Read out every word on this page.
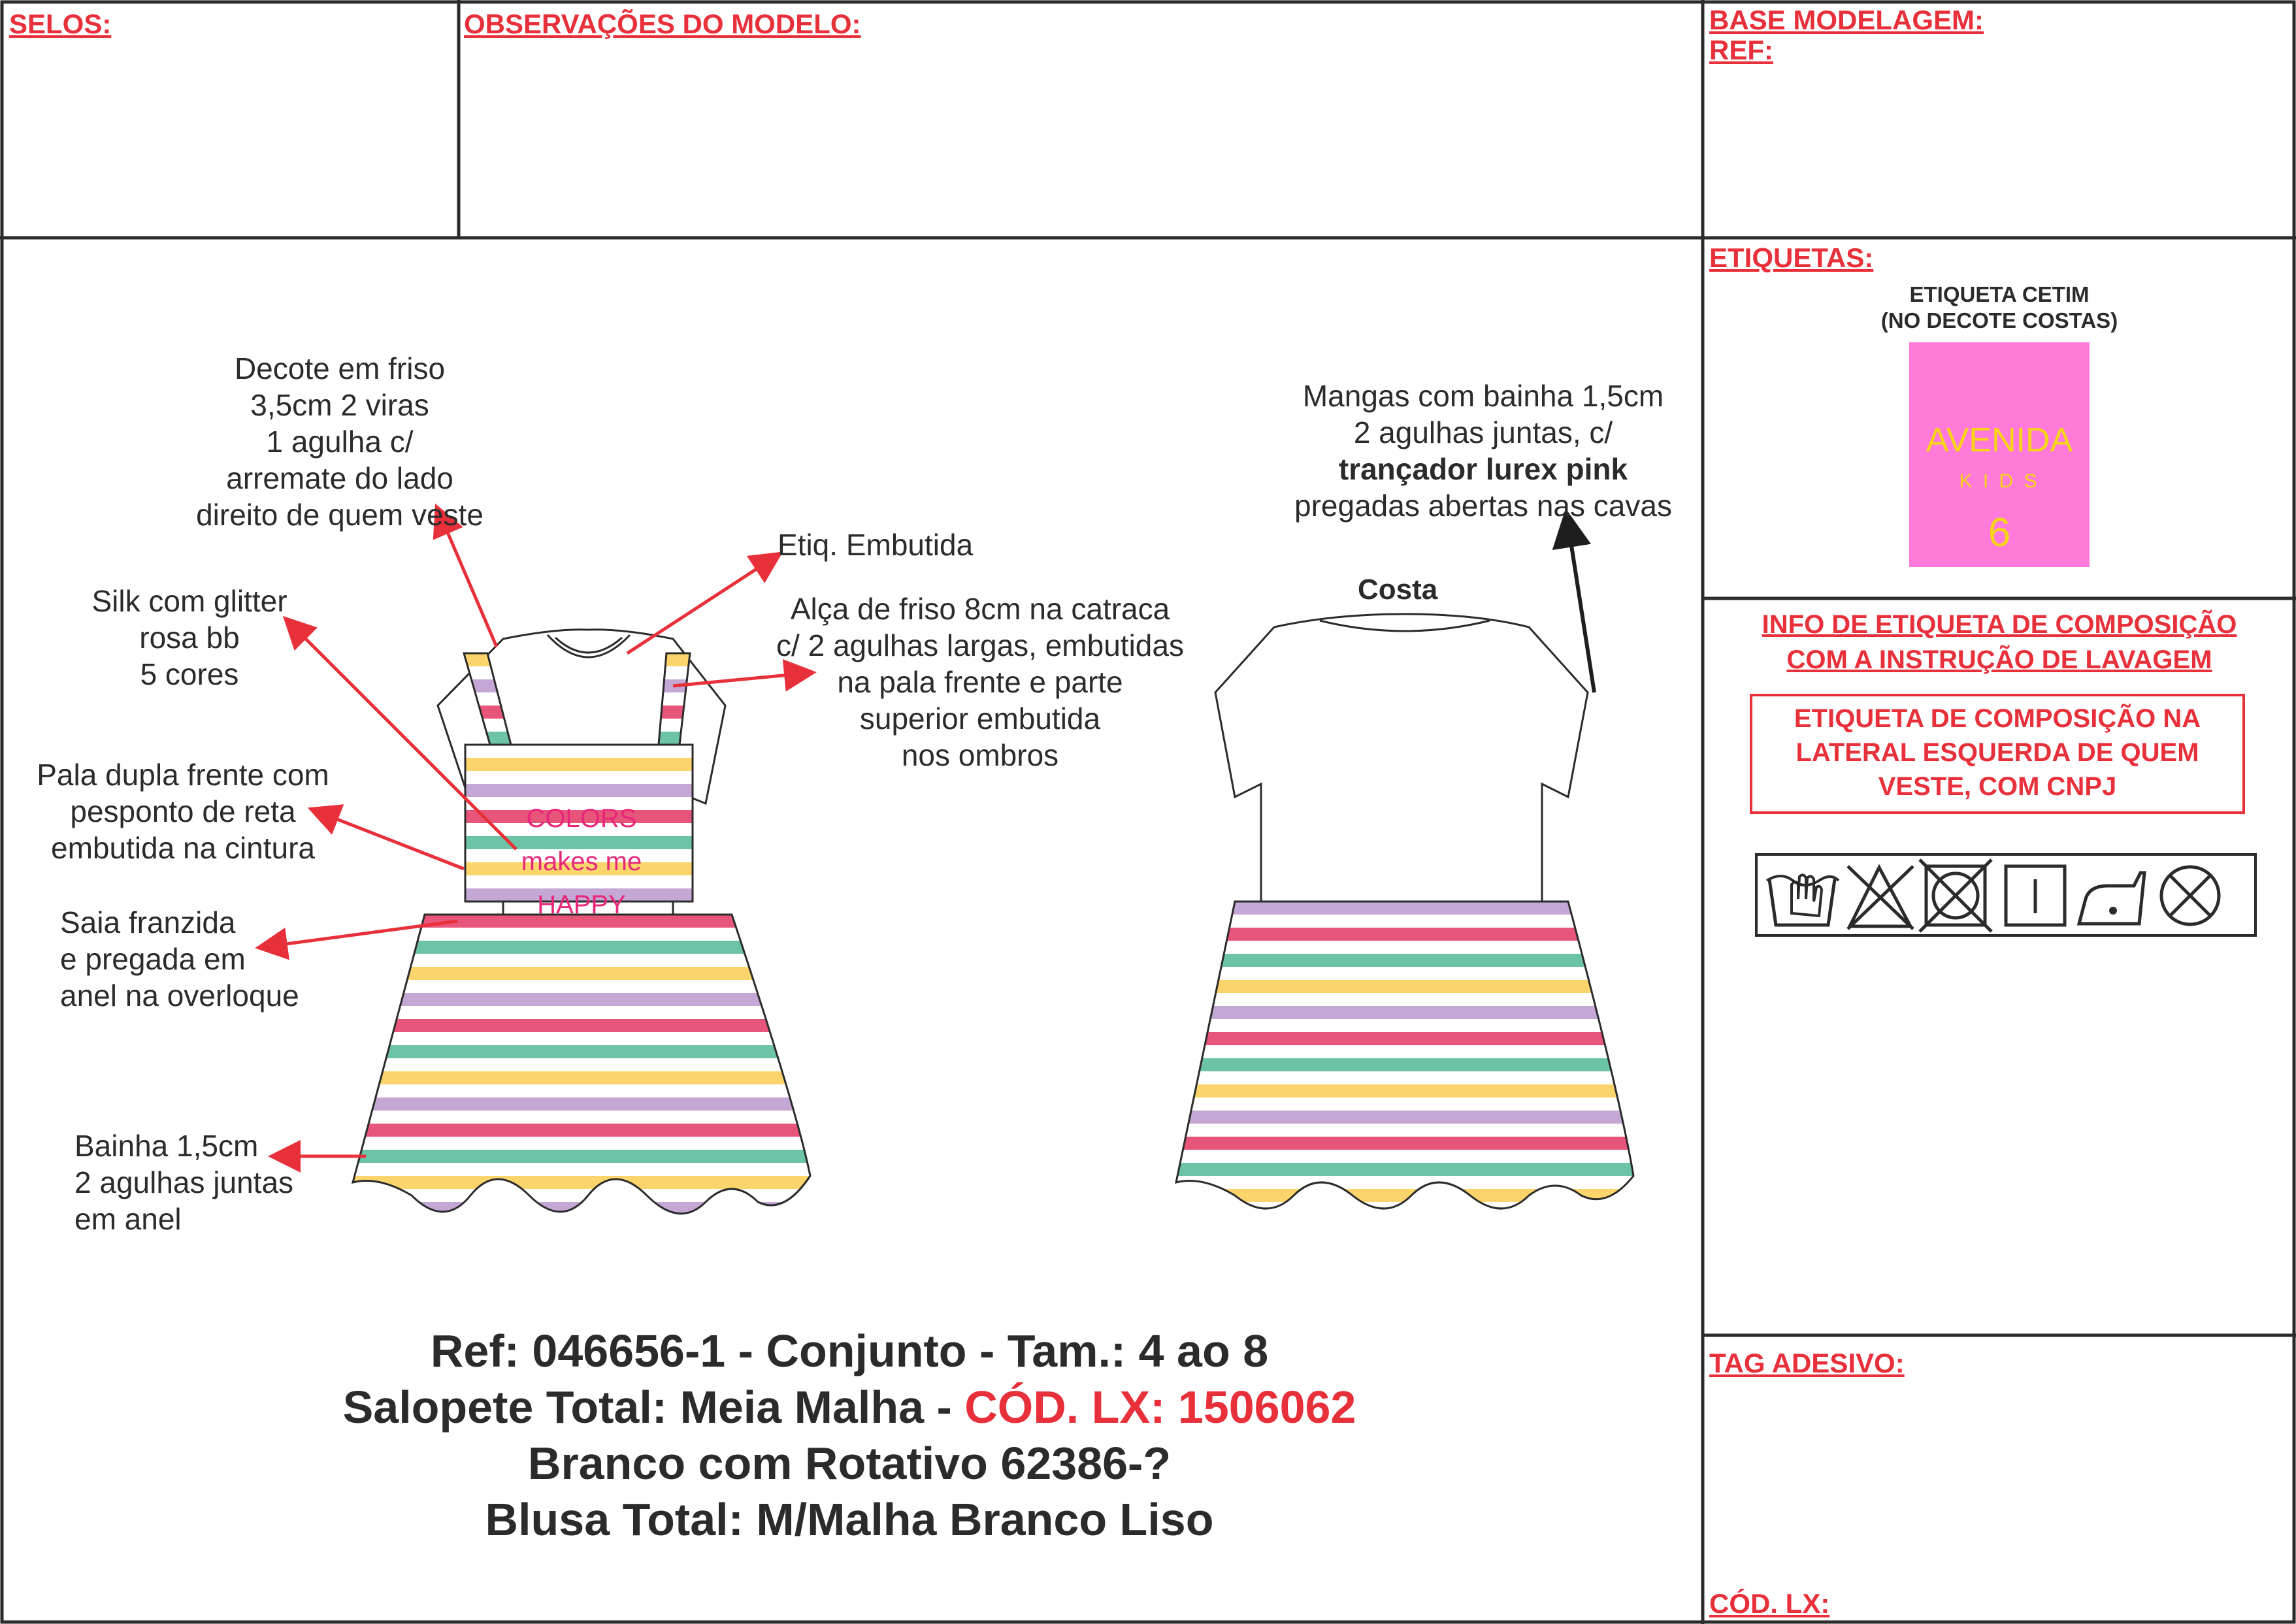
SELOS:	OBSERVAÇÕES DO MODELO:	BASE MODELAGEM:
REF:
ETIQUETAS:
TAG ADESIVO:
CÓD. LX:
ETIQUETA CETIM
(NO DECOTE COSTAS)
AVENIDA
K I D S
6
INFO DE ETIQUETA DE COMPOSIÇÃO
COM A INSTRUÇÃO DE LAVAGEM
ETIQUETA DE COMPOSIÇÃO NA
LATERAL ESQUERDA DE QUEM
VESTE, COM CNPJ
COLORS
makes me
HAPPY
Costa
Decote em friso
3,5cm 2 viras
1 agulha c/
arremate do lado
direito de quem veste
Etiq. Embutida
Silk com glitter
rosa bb
5 cores
Alça de friso 8cm na catraca
c/ 2 agulhas largas, embutidas
na pala frente e parte
superior embutida
nos ombros
Pala dupla frente com
pesponto de reta
embutida na cintura
Saia franzida
e pregada em
anel na overloque
Bainha 1,5cm
2 agulhas juntas
em anel
Mangas com bainha 1,5cm
2 agulhas juntas, c/
trançador lurex pink
pregadas abertas nas cavas
Ref: 046656-1 - Conjunto - Tam.: 4 ao 8
Salopete Total: Meia Malha - CÓD. LX: 1506062
Branco com Rotativo 62386-?
Blusa Total: M/Malha Branco Liso
